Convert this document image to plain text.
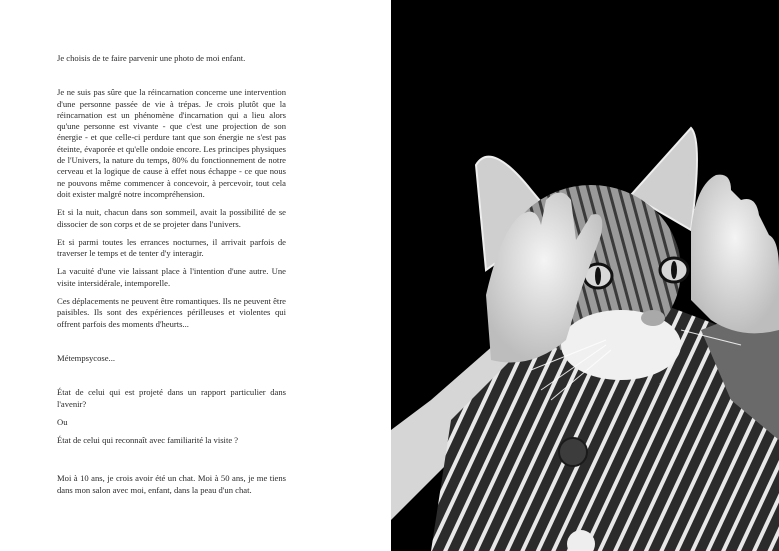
Je choisis de te faire parvenir une photo de moi enfant.

Je ne suis pas sûre que la réincarnation concerne une intervention d'une personne passée de vie à trépas. Je crois plutôt que la réincarnation est un phénomène d'incarnation qui a lieu alors qu'une personne est vivante - que c'est une projection de son énergie - et que celle-ci perdure tant que son énergie ne s'est pas éteinte, évaporée et qu'elle ondoie encore. Les principes physiques de l'Univers, la nature du temps, 80% du fonctionnement de notre cerveau et la logique de cause à effet nous échappe - ce que nous ne pouvons même commencer à concevoir, à percevoir, tout cela doit exister malgré notre incompréhension.

Et si la nuit, chacun dans son sommeil, avait la possibilité de se dissocier de son corps et de se projeter dans l'univers.

Et si parmi toutes les errances nocturnes, il arrivait parfois de traverser le temps et de tenter d'y interagir.

La vacuité d'une vie laissant place à l'intention d'une autre. Une visite intersidérale, intemporelle.

Ces déplacements ne peuvent être romantiques. Ils ne peuvent être paisibles. Ils sont des expériences périlleuses et violentes qui offrent parfois des moments d'heurts...

Métempsycose...

État de celui qui est projeté dans un rapport particulier dans l'avenir?

Ou

État de celui qui reconnaît avec familiarité la visite ?

Moi à 10 ans, je crois avoir été un chat. Moi à 50 ans, je me tiens dans mon salon avec moi, enfant, dans la peau d'un chat.
